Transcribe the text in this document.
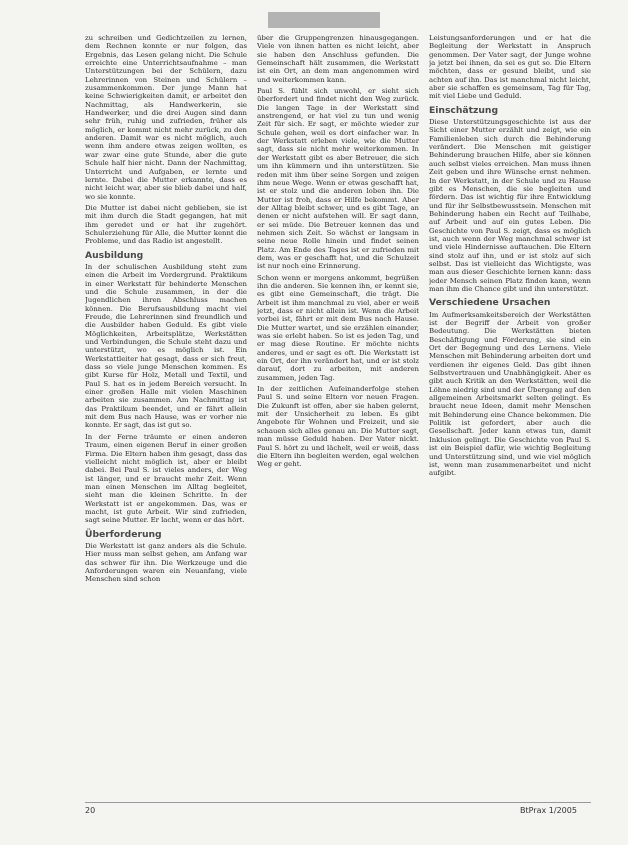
zu schreiben und Gedichtzeilen zu lernen, dem Rechnen konnte er nur folgen, das Ergebnis, das Lesen gelang nicht. Die Schule erreichte eine Unterrichtsaufnahme – man Unterstützungen bei der Schülern, dazu Lehrerinnen von Steinen und Schülern – zusammenkommen. Der junge Mann hat keine Schwierigkeiten damit, er arbeitet den Nachmittag, als Handwerkerin, sie Handwerker, und die drei Augen sind dann sehr früh, ruhig und zufrieden, früher als möglich, er kommt nicht mehr zurück, zu den anderen. Damit war es nicht möglich, auch wenn ihm andere etwas zeigen wollten, es war zwar eine gute Stunde, aber die gute Schule half hier nicht. Dann der Nachmittag, Unterricht und Aufgaben, er lernte und lernte. Dabei die Mutter erkannte, dass es nicht leicht war, aber sie blieb dabei und half, wo sie konnte.

Die Mutter ist dabei nicht geblieben, sie ist mit ihm durch die Stadt gegangen, hat mit ihm geredet und er hat ihr zugehört. Schulerziehung für Alle, die Mutter kennt die Probleme, und das Radio ist angestellt.

Ausbildung

In der schulischen Ausbildung steht zum einen die Arbeit im Vordergrund. Praktikum in einer Werkstatt für behinderte Menschen und die Schule zusammen, in der die Jugendlichen ihren Abschluss machen können. Die Berufsausbildung macht viel Freude, die Lehrerinnen sind freundlich und die Ausbilder haben Geduld. Es gibt viele Möglichkeiten, Arbeitsplätze, Werkstätten und Verbindungen, die Schule steht dazu und unterstützt, wo es möglich ist. Ein Werkstattleiter hat gesagt, dass er sich freut, dass so viele junge Menschen kommen. Es gibt Kurse für Holz, Metall und Textil, und Paul S. hat es in jedem Bereich versucht. In einer großen Halle mit vielen Maschinen arbeiten sie zusammen. Am Nachmittag ist das Praktikum beendet, und er fährt allein mit dem Bus nach Hause, was er vorher nie konnte. Er sagt, das ist gut so.

In der Ferne träumte er einen anderen Traum, einen eigenen Beruf in einer großen Firma. Die Eltern haben ihm gesagt, dass das vielleicht nicht möglich ist, aber er bleibt dabei. Bei Paul S. ist vieles anders, der Weg ist länger, und er braucht mehr Zeit. Wenn man einen Menschen im Alltag begleitet, sieht man die kleinen Schritte. In der Werkstatt ist er angekommen. Das, was er macht, ist gute Arbeit. Wir sind zufrieden, sagt seine Mutter. Er lacht, wenn er das hört.

Überforderung

Die Werkstatt ist ganz anders als die Schule. Hier muss man selbst gehen, am Anfang war das schwer für ihn. Die Werkzeuge und die Anforderungen waren ein Neuanfang, viele Menschen sind schon

über die Gruppengrenzen hinausgegangen. Viele von ihnen hatten es nicht leicht, aber sie haben den Anschluss gefunden. Die Gemeinschaft hält zusammen, die Werkstatt ist ein Ort, an dem man angenommen wird und weiterkommen kann.

Paul S. fühlt sich unwohl, er sieht sich überfordert und findet nicht den Weg zurück. Die langen Tage in der Werkstatt sind anstrengend, er hat viel zu tun und wenig Zeit für sich. Er sagt, er möchte wieder zur Schule gehen, weil es dort einfacher war. In der Werkstatt erleben viele, wie die Mutter sagt, dass sie nicht mehr weiterkommen. In der Werkstatt gibt es aber Betreuer, die sich um ihn kümmern und ihn unterstützen. Sie reden mit ihm über seine Sorgen und zeigen ihm neue Wege. Wenn er etwas geschafft hat, ist er stolz und die anderen loben ihn. Die Mutter ist froh, dass er Hilfe bekommt. Aber der Alltag bleibt schwer, und es gibt Tage, an denen er nicht aufstehen will. Er sagt dann, er sei müde. Die Betreuer kennen das und nehmen sich Zeit. So wächst er langsam in seine neue Rolle hinein und findet seinen Platz. Am Ende des Tages ist er zufrieden mit dem, was er geschafft hat, und die Schulzeit ist nur noch eine Erinnerung.

Schon wenn er morgens ankommt, begrüßen ihn die anderen. Sie kennen ihn, er kennt sie, es gibt eine Gemeinschaft, die trägt. Die Arbeit ist ihm manchmal zu viel, aber er weiß jetzt, dass er nicht allein ist. Wenn die Arbeit vorbei ist, fährt er mit dem Bus nach Hause. Die Mutter wartet, und sie erzählen einander, was sie erlebt haben. So ist es jeden Tag, und er mag diese Routine. Er möchte nichts anderes, und er sagt es oft. Die Werkstatt ist ein Ort, der ihn verändert hat, und er ist stolz darauf, dort zu arbeiten, mit anderen zusammen, jeden Tag.

In der zeitlichen Aufeinanderfolge stehen Paul S. und seine Eltern vor neuen Fragen. Die Zukunft ist offen, aber sie haben gelernt, mit der Unsicherheit zu leben. Es gibt Angebote für Wohnen und Freizeit, und sie schauen sich alles genau an. Die Mutter sagt, man müsse Geduld haben. Der Vater nickt. Paul S. hört zu und lächelt, weil er weiß, dass die Eltern ihn begleiten werden, egal welchen Weg er geht.

Leistungsanforderungen und er hat die Begleitung der Werkstatt in Anspruch genommen. Der Vater sagt, der Junge wohne ja jetzt bei ihnen, da sei es gut so. Die Eltern möchten, dass er gesund bleibt, und sie achten auf ihn. Das ist manchmal nicht leicht, aber sie schaffen es gemeinsam, Tag für Tag, mit viel Liebe und Geduld.

Einschätzung

Diese Unterstützungsgeschichte ist aus der Sicht einer Mutter erzählt und zeigt, wie ein Familienleben sich durch die Behinderung verändert. Die Menschen mit geistiger Behinderung brauchen Hilfe, aber sie können auch selbst vieles erreichen. Man muss ihnen Zeit geben und ihre Wünsche ernst nehmen. In der Werkstatt, in der Schule und zu Hause gibt es Menschen, die sie begleiten und fördern. Das ist wichtig für ihre Entwicklung und für ihr Selbstbewusstsein. Menschen mit Behinderung haben ein Recht auf Teilhabe, auf Arbeit und auf ein gutes Leben. Die Geschichte von Paul S. zeigt, dass es möglich ist, auch wenn der Weg manchmal schwer ist und viele Hindernisse auftauchen. Die Eltern sind stolz auf ihn, und er ist stolz auf sich selbst. Das ist vielleicht das Wichtigste, was man aus dieser Geschichte lernen kann: dass jeder Mensch seinen Platz finden kann, wenn man ihm die Chance gibt und ihn unterstützt.

Verschiedene Ursachen

Im Aufmerksamkeitsbereich der Werkstätten ist der Begriff der Arbeit von großer Bedeutung. Die Werkstätten bieten Beschäftigung und Förderung, sie sind ein Ort der Begegnung und des Lernens. Viele Menschen mit Behinderung arbeiten dort und verdienen ihr eigenes Geld. Das gibt ihnen Selbstvertrauen und Unabhängigkeit. Aber es gibt auch Kritik an den Werkstätten, weil die Löhne niedrig sind und der Übergang auf den allgemeinen Arbeitsmarkt selten gelingt. Es braucht neue Ideen, damit mehr Menschen mit Behinderung eine Chance bekommen. Die Politik ist gefordert, aber auch die Gesellschaft. Jeder kann etwas tun, damit Inklusion gelingt. Die Geschichte von Paul S. ist ein Beispiel dafür, wie wichtig Begleitung und Unterstützung sind, und wie viel möglich ist, wenn man zusammenarbeitet und nicht aufgibt.

20	BtPrax 1/2005
